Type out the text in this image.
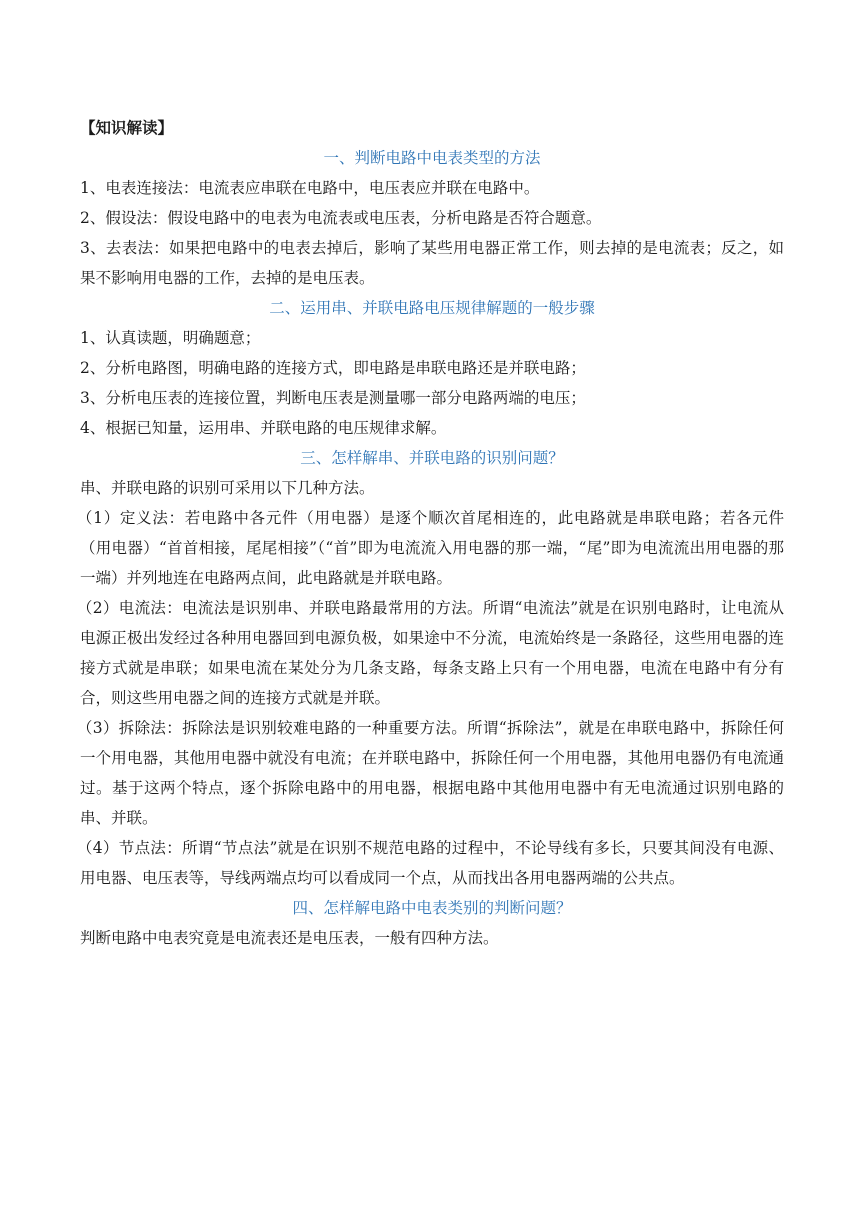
【知识解读】

一、判断电路中电表类型的方法

1、电表连接法：电流表应串联在电路中，电压表应并联在电路中。

2、假设法：假设电路中的电表为电流表或电压表，分析电路是否符合题意。

3、去表法：如果把电路中的电表去掉后，影响了某些用电器正常工作，则去掉的是电流表；反之，如果不影响用电器的工作，去掉的是电压表。

二、运用串、并联电路电压规律解题的一般步骤

1、认真读题，明确题意；

2、分析电路图，明确电路的连接方式，即电路是串联电路还是并联电路；

3、分析电压表的连接位置，判断电压表是测量哪一部分电路两端的电压；

4、根据已知量，运用串、并联电路的电压规律求解。

三、怎样解串、并联电路的识别问题？

串、并联电路的识别可采用以下几种方法。

（1）定义法：若电路中各元件（用电器）是逐个顺次首尾相连的，此电路就是串联电路；若各元件（用电器）“首首相接，尾尾相接”（“首”即为电流流入用电器的那一端，“尾”即为电流流出用电器的那一端）并列地连在电路两点间，此电路就是并联电路。

（2）电流法：电流法是识别串、并联电路最常用的方法。所谓“电流法”就是在识别电路时，让电流从电源正极出发经过各种用电器回到电源负极，如果途中不分流，电流始终是一条路径，这些用电器的连接方式就是串联；如果电流在某处分为几条支路，每条支路上只有一个用电器，电流在电路中有分有合，则这些用电器之间的连接方式就是并联。

（3）拆除法：拆除法是识别较难电路的一种重要方法。所谓“拆除法”，就是在串联电路中，拆除任何一个用电器，其他用电器中就没有电流；在并联电路中，拆除任何一个用电器，其他用电器仍有电流通过。基于这两个特点，逐个拆除电路中的用电器，根据电路中其他用电器中有无电流通过识别电路的串、并联。

（4）节点法：所谓“节点法”就是在识别不规范电路的过程中，不论导线有多长，只要其间没有电源、用电器、电压表等，导线两端点均可以看成同一个点，从而找出各用电器两端的公共点。

四、怎样解电路中电表类别的判断问题？

判断电路中电表究竟是电流表还是电压表，一般有四种方法。
